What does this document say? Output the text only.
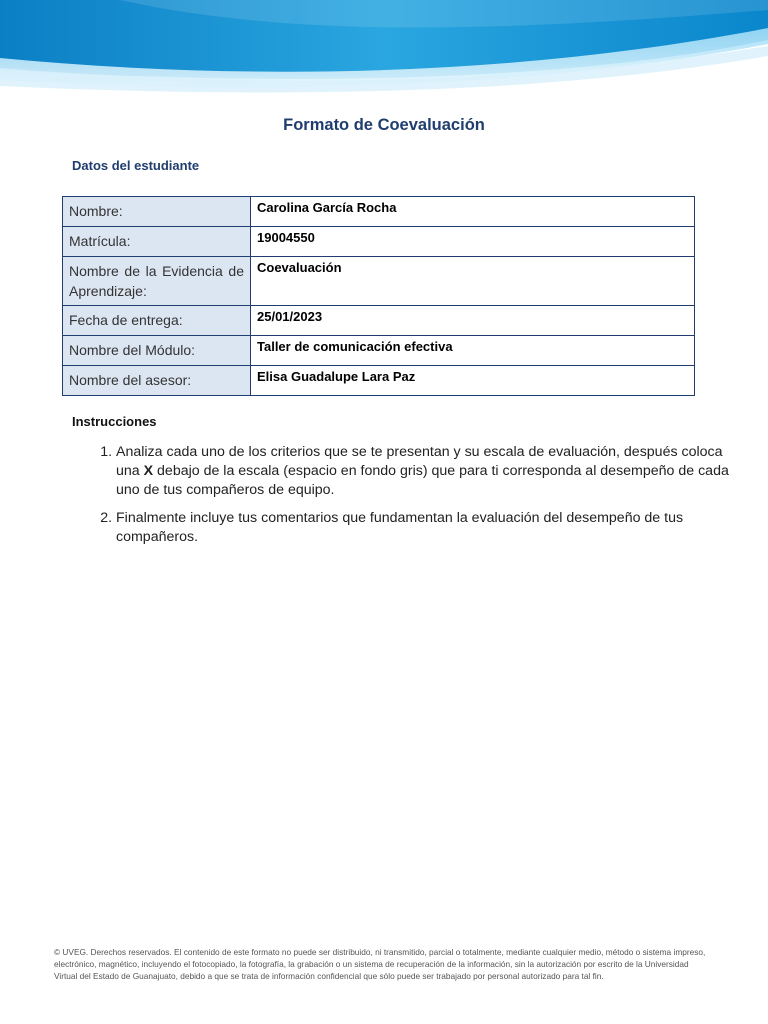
Formato de Coevaluación
Datos del estudiante
Nombre:	Carolina García Rocha
Matrícula:	19004550
Nombre de la Evidencia de Aprendizaje:	Coevaluación
Fecha de entrega:	25/01/2023
Nombre del Módulo:	Taller de comunicación efectiva
Nombre del asesor:	Elisa Guadalupe Lara Paz
Instrucciones
1. Analiza cada uno de los criterios que se te presentan y su escala de evaluación, después coloca una X debajo de la escala (espacio en fondo gris) que para ti corresponda al desempeño de cada uno de tus compañeros de equipo.
2. Finalmente incluye tus comentarios que fundamentan la evaluación del desempeño de tus compañeros.
© UVEG. Derechos reservados. El contenido de este formato no puede ser distribuido, ni transmitido, parcial o totalmente, mediante cualquier medio, método o sistema impreso, electrónico, magnético, incluyendo el fotocopiado, la fotografía, la grabación o un sistema de recuperación de la información, sin la autorización por escrito de la Universidad Virtual del Estado de Guanajuato, debido a que se trata de información confidencial que sólo puede ser trabajado por personal autorizado para tal fin.
